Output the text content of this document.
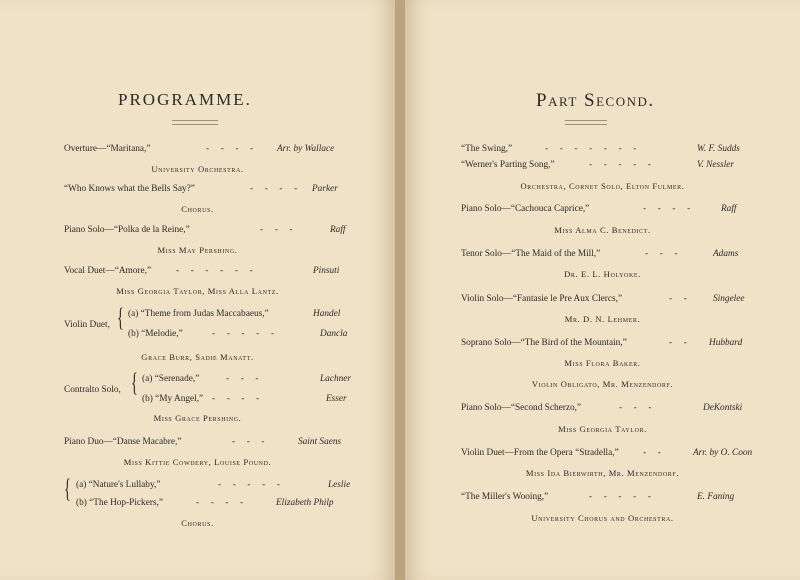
PROGRAMME.
Overture—“Maritana,”	-     -     -     -	Arr. by Wallace
University Orchestra.
“Who Knows what the Bells Say?”	-     -     -     - Parker
Chorus.
Piano Solo—“Polka de la Reine,”	-     -     -	Raff
Miss May Pershing.
Vocal Duet—“Amore,”	-     -     -     -     -     -	Pinsuti
Miss Georgia Taylor, Miss Alla Lantz.
Violin Duet, { (a) “Theme from Judas Maccabaeus,”	Handel
(b) “Melodie,”	-     -     -     -     -	Dancla
Grace Burr, Sadie Manatt.
Contralto Solo, { (a) “Serenade,”	-     -     -	Lachner
(b) “My Angel,” -     -     -     -	Esser
Miss Grace Pershing.
Piano Duo—“Danse Macabre,”	-     -     -	Saint Saens
Miss Kittie Cowdery, Louise Pound.
{ (a) “Nature's Lullaby,”	-     -     -     -     -	Leslie
(b) “The Hop-Pickers,”	-     -     -     -	Elizabeth Philp
Chorus.
Part Second.
“The Swing,”	-     -     -     -     -     -     -	W. F. Sudds
“Werner's Parting Song,”	-     -     -     -     -	V. Nessler
Orchestra, Cornet Solo, Elton Fulmer.
Piano Solo—“Cachouca Caprice,”	-     -     -     -	Raff
Miss Alma C. Benedict.
Tenor Solo—“The Maid of the Mill,”	-     -     -	Adams
Dr. E. L. Holyoke.
Violin Solo—“Fantasie le Pre Aux Clercs,”	-     -	Singelee
Mr. D. N. Lehmer.
Soprano Solo—“The Bird of the Mountain,”	-     - Hubbard
Miss Flora Baker.
Violin Obligato, Mr. Menzendorf.
Piano Solo—“Second Scherzo,”	-     -     -	DeKontski
Miss Georgia Taylor.
Violin Duet—From the Opera “Stradella,”	-     -	Arr. by O. Coon
Miss Ida Bierwirth, Mr. Menzendorf.
“The Miller's Wooing,”	-     -     -     -     -	E. Faning
University Chorus and Orchestra.
